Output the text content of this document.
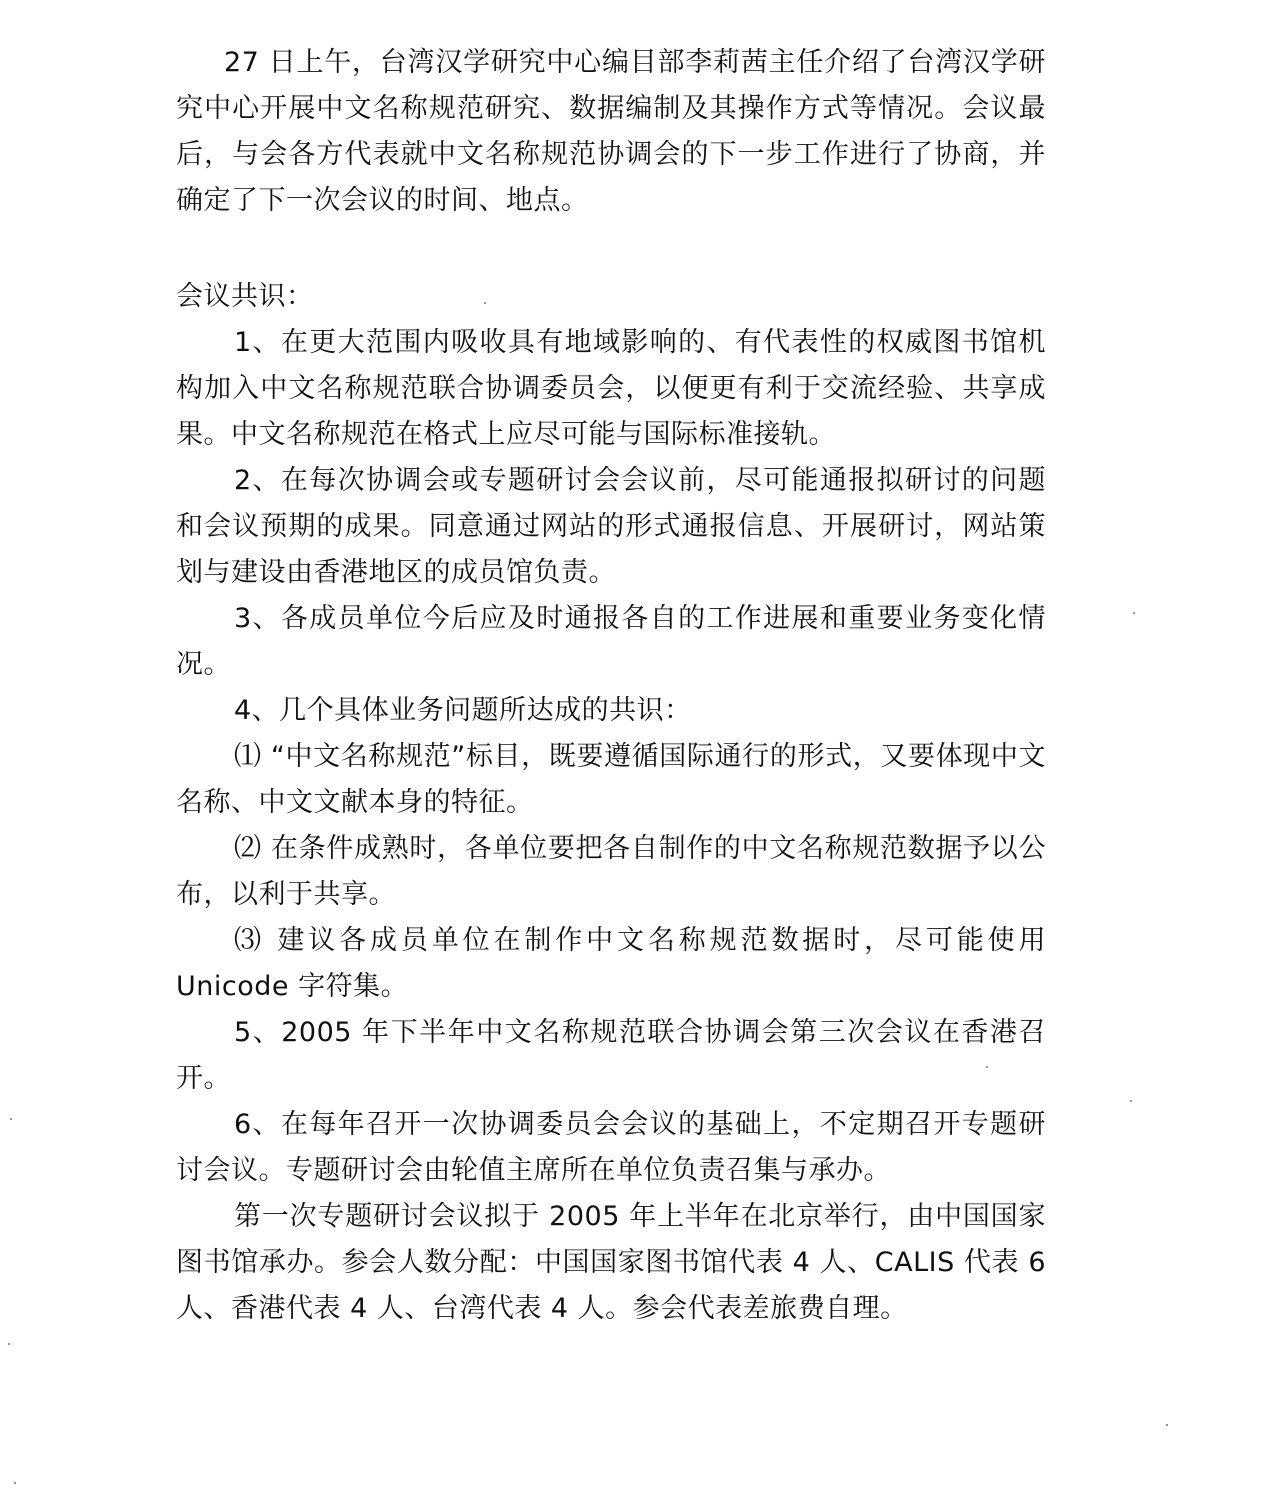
27 日上午，台湾汉学研究中心编目部李莉茜主任介绍了台湾汉学研究中心开展中文名称规范研究、数据编制及其操作方式等情况。会议最后，与会各方代表就中文名称规范协调会的下一步工作进行了协商，并确定了下一次会议的时间、地点。

会议共识：

1、在更大范围内吸收具有地域影响的、有代表性的权威图书馆机构加入中文名称规范联合协调委员会，以便更有利于交流经验、共享成果。中文名称规范在格式上应尽可能与国际标准接轨。

2、在每次协调会或专题研讨会会议前，尽可能通报拟研讨的问题和会议预期的成果。同意通过网站的形式通报信息、开展研讨，网站策划与建设由香港地区的成员馆负责。

3、各成员单位今后应及时通报各自的工作进展和重要业务变化情况。

4、几个具体业务问题所达成的共识：

⑴ “中文名称规范”标目，既要遵循国际通行的形式，又要体现中文名称、中文文献本身的特征。

⑵ 在条件成熟时，各单位要把各自制作的中文名称规范数据予以公布，以利于共享。

⑶ 建议各成员单位在制作中文名称规范数据时，尽可能使用 Unicode 字符集。

5、2005 年下半年中文名称规范联合协调会第三次会议在香港召开。

6、在每年召开一次协调委员会会议的基础上，不定期召开专题研讨会议。专题研讨会由轮值主席所在单位负责召集与承办。

第一次专题研讨会议拟于 2005 年上半年在北京举行，由中国国家图书馆承办。参会人数分配：中国国家图书馆代表 4 人、CALIS 代表 6 人、香港代表 4 人、台湾代表 4 人。参会代表差旅费自理。
